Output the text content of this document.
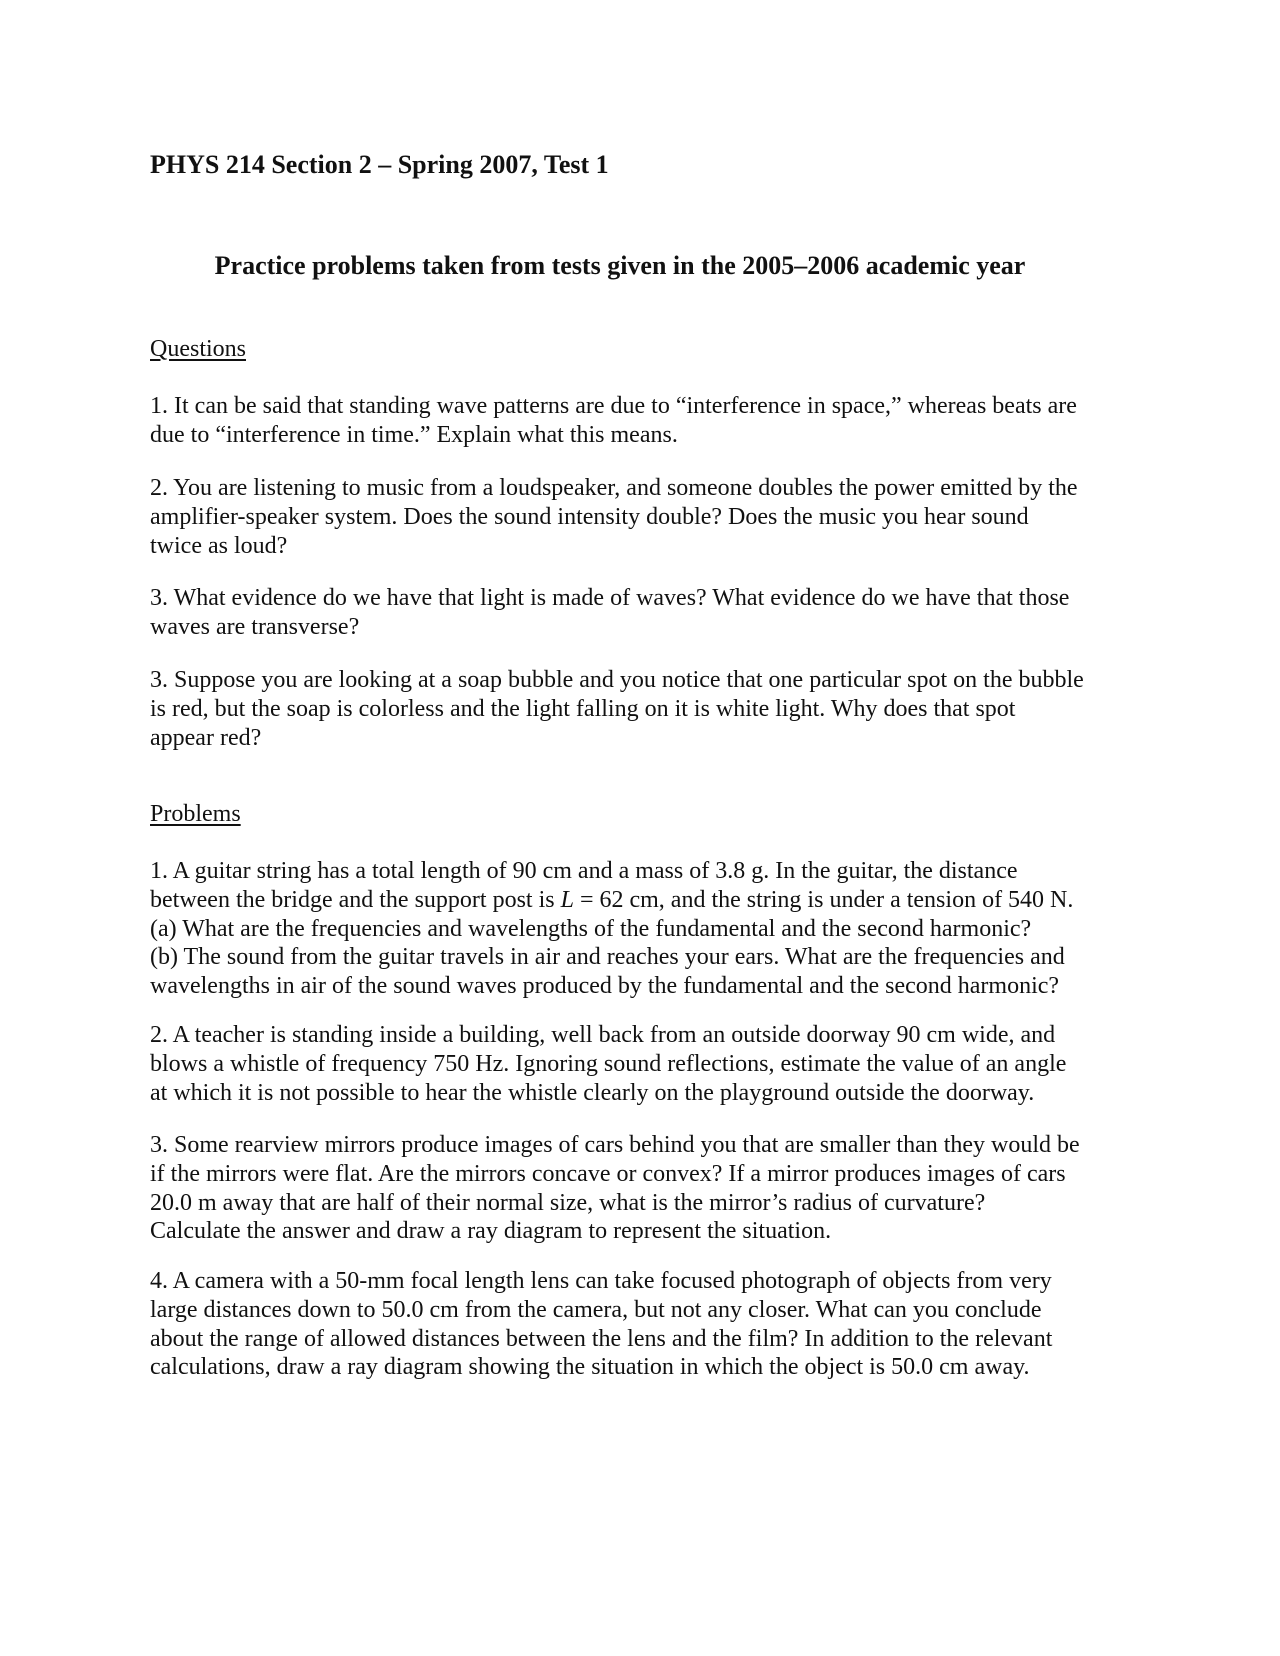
PHYS 214 Section 2 – Spring 2007, Test 1
Practice problems taken from tests given in the 2005–2006 academic year
Questions
1. It can be said that standing wave patterns are due to “interference in space,” whereas beats are
due to “interference in time.” Explain what this means.
2. You are listening to music from a loudspeaker, and someone doubles the power emitted by the
amplifier-speaker system. Does the sound intensity double? Does the music you hear sound
twice as loud?
3. What evidence do we have that light is made of waves? What evidence do we have that those
waves are transverse?
3. Suppose you are looking at a soap bubble and you notice that one particular spot on the bubble
is red, but the soap is colorless and the light falling on it is white light. Why does that spot
appear red?
Problems
1. A guitar string has a total length of 90 cm and a mass of 3.8 g. In the guitar, the distance
between the bridge and the support post is L = 62 cm, and the string is under a tension of 540 N.
(a) What are the frequencies and wavelengths of the fundamental and the second harmonic?
(b) The sound from the guitar travels in air and reaches your ears. What are the frequencies and
wavelengths in air of the sound waves produced by the fundamental and the second harmonic?
2. A teacher is standing inside a building, well back from an outside doorway 90 cm wide, and
blows a whistle of frequency 750 Hz. Ignoring sound reflections, estimate the value of an angle
at which it is not possible to hear the whistle clearly on the playground outside the doorway.
3. Some rearview mirrors produce images of cars behind you that are smaller than they would be
if the mirrors were flat. Are the mirrors concave or convex? If a mirror produces images of cars
20.0 m away that are half of their normal size, what is the mirror’s radius of curvature?
Calculate the answer and draw a ray diagram to represent the situation.
4. A camera with a 50-mm focal length lens can take focused photograph of objects from very
large distances down to 50.0 cm from the camera, but not any closer. What can you conclude
about the range of allowed distances between the lens and the film? In addition to the relevant
calculations, draw a ray diagram showing the situation in which the object is 50.0 cm away.
